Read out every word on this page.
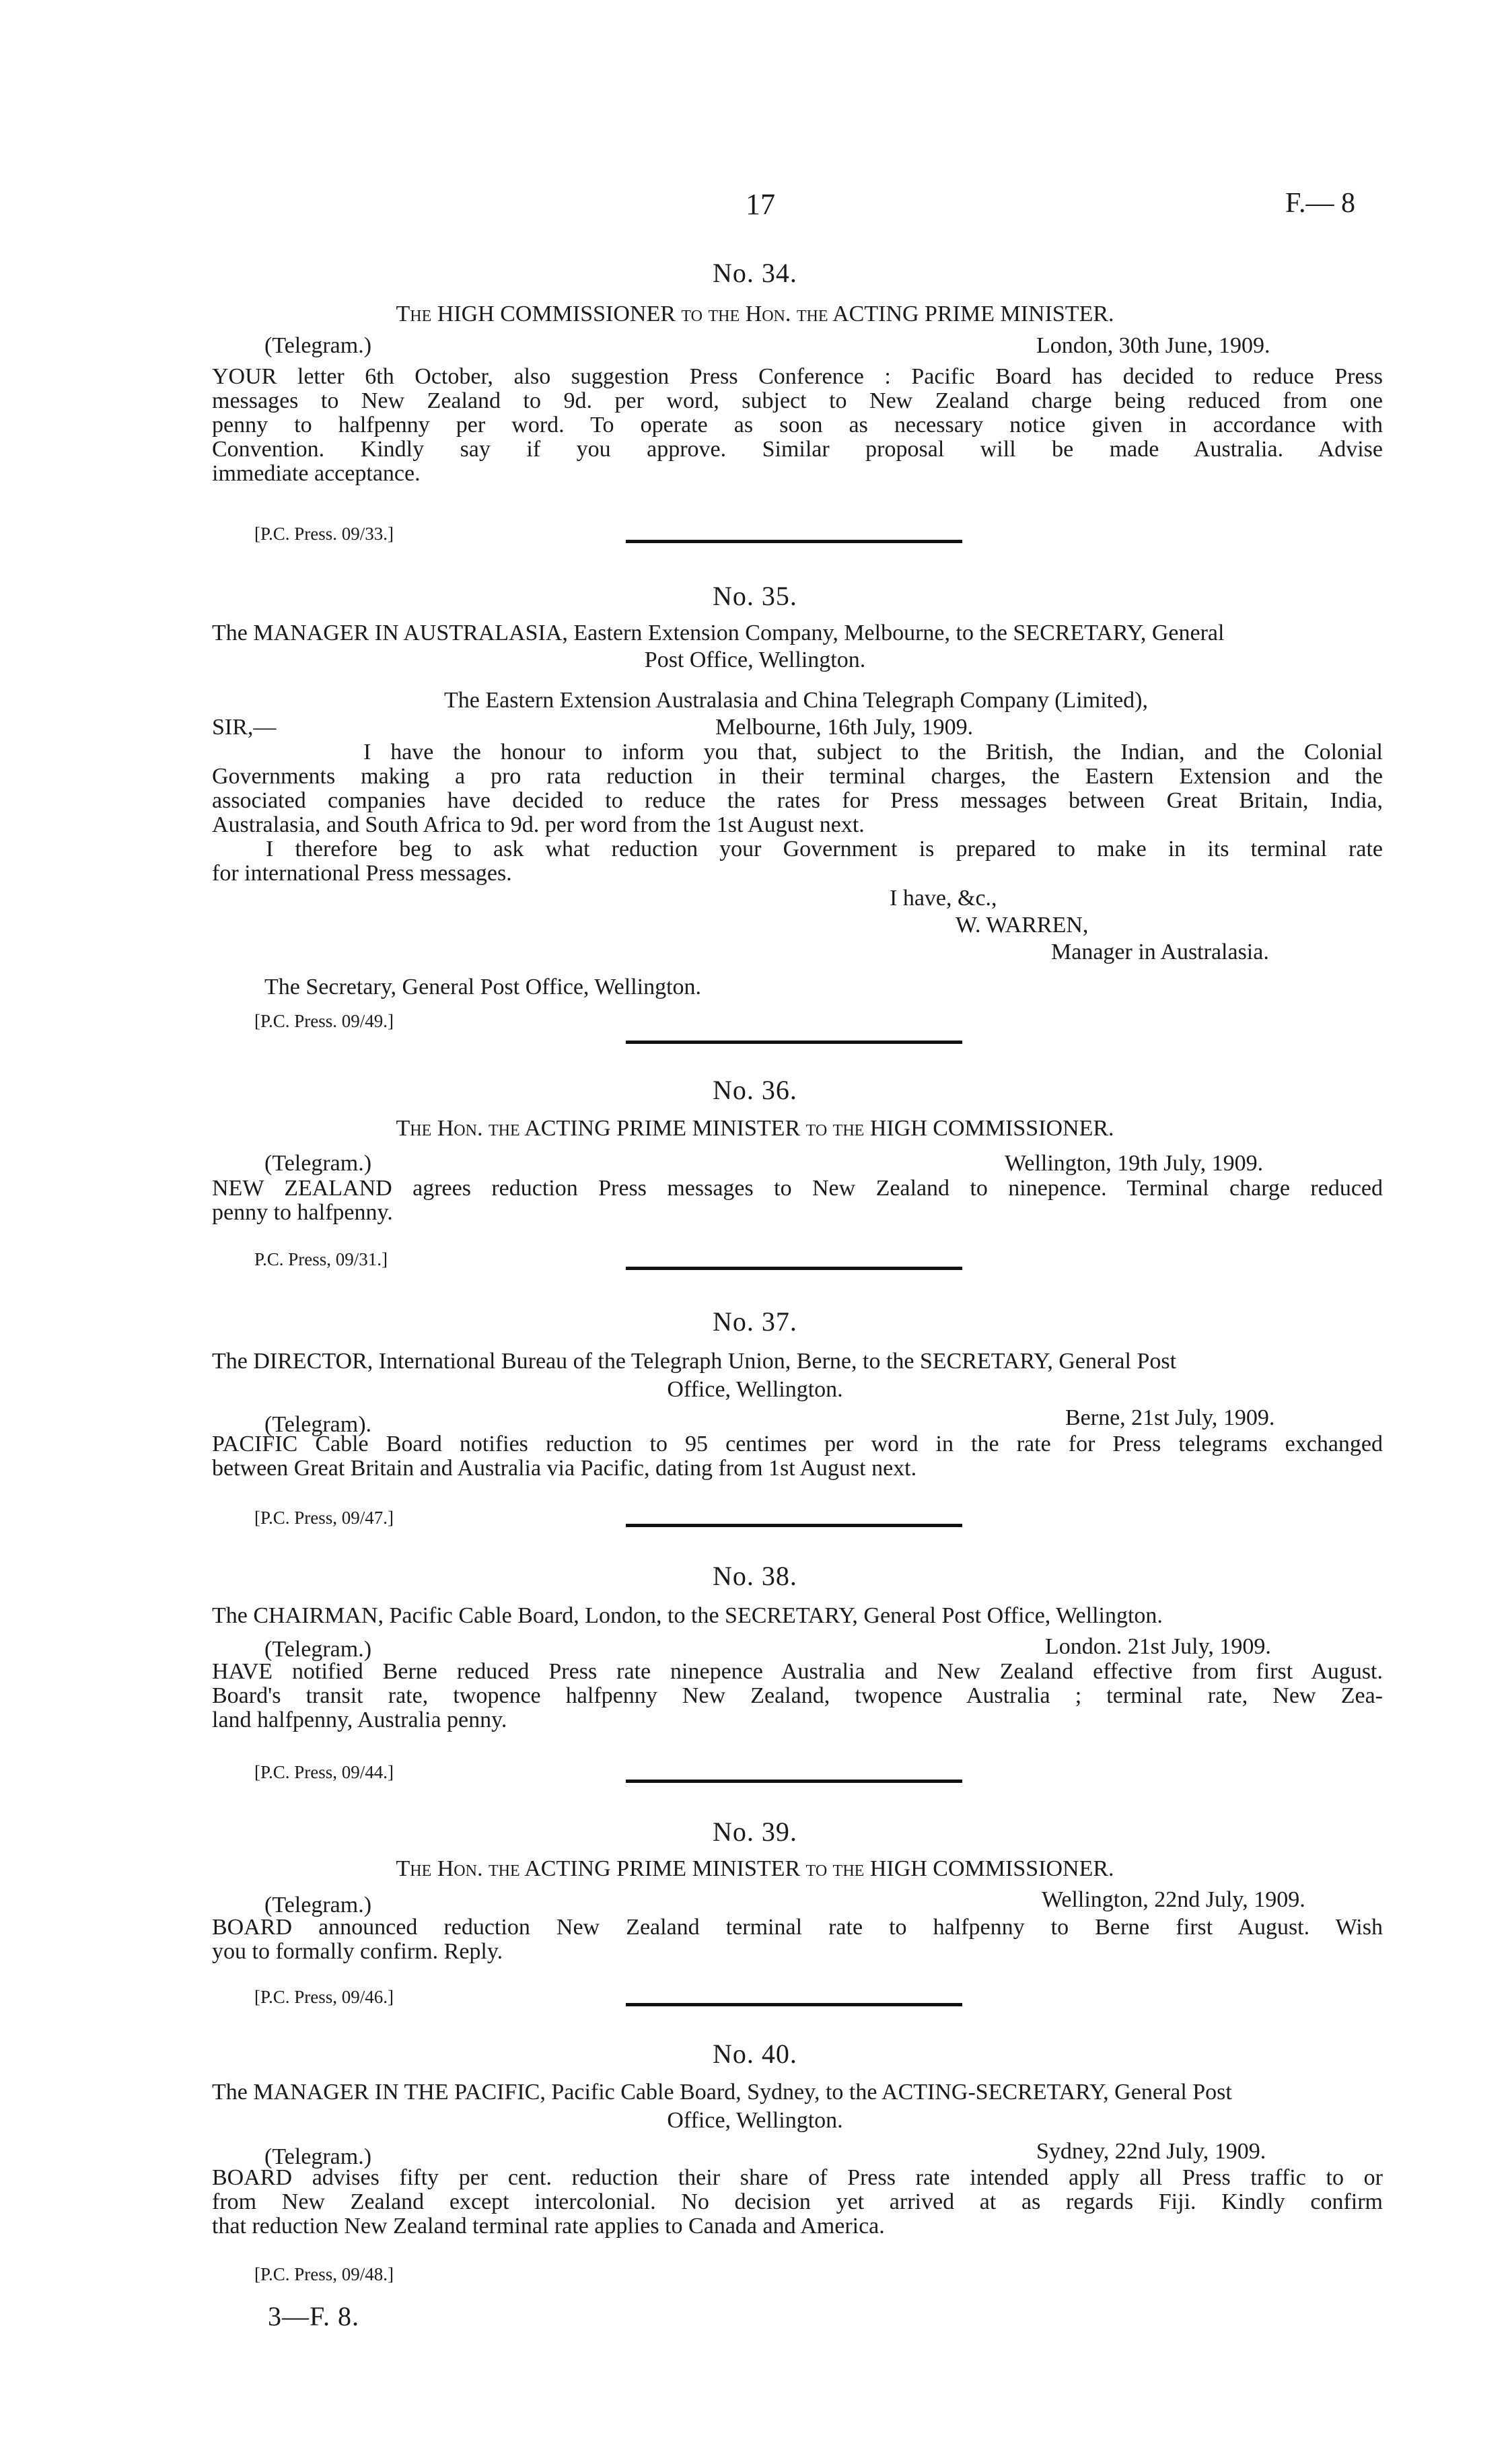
17	F.— 8
No. 34.
The HIGH COMMISSIONER to the Hon. the ACTING PRIME MINISTER.
(Telegram.)	London, 30th June, 1909.
YOUR letter 6th October, also suggestion Press Conference : Pacific Board has decided to reduce Press
messages to New Zealand to 9d. per word, subject to New Zealand charge being reduced from one
penny to halfpenny per word. To operate as soon as necessary notice given in accordance with
Convention. Kindly say if you approve. Similar proposal will be made Australia. Advise
immediate acceptance.
[P.C. Press. 09/33.]
No. 35.
The MANAGER IN AUSTRALASIA, Eastern Extension Company, Melbourne, to the SECRETARY, General
Post Office, Wellington.
The Eastern Extension Australasia and China Telegraph Company (Limited),
SIR,—	Melbourne, 16th July, 1909.
I have the honour to inform you that, subject to the British, the Indian, and the Colonial
Governments making a pro rata reduction in their terminal charges, the Eastern Extension and the
associated companies have decided to reduce the rates for Press messages between Great Britain, India,
Australasia, and South Africa to 9d. per word from the 1st August next.
I therefore beg to ask what reduction your Government is prepared to make in its terminal rate
for international Press messages.
I have, &c.,
W. WARREN,
Manager in Australasia.
The Secretary, General Post Office, Wellington.
[P.C. Press. 09/49.]
No. 36.
The Hon. the ACTING PRIME MINISTER to the HIGH COMMISSIONER.
(Telegram.)	Wellington, 19th July, 1909.
NEW ZEALAND agrees reduction Press messages to New Zealand to ninepence. Terminal charge reduced
penny to halfpenny.
P.C. Press, 09/31.]
No. 37.
The DIRECTOR, International Bureau of the Telegraph Union, Berne, to the SECRETARY, General Post
Office, Wellington.
(Telegram).	Berne, 21st July, 1909.
PACIFIC Cable Board notifies reduction to 95 centimes per word in the rate for Press telegrams exchanged
between Great Britain and Australia via Pacific, dating from 1st August next.
[P.C. Press, 09/47.]
No. 38.
The CHAIRMAN, Pacific Cable Board, London, to the SECRETARY, General Post Office, Wellington.
(Telegram.)	London. 21st July, 1909.
HAVE notified Berne reduced Press rate ninepence Australia and New Zealand effective from first August.
Board's transit rate, twopence halfpenny New Zealand, twopence Australia ; terminal rate, New Zea-
land halfpenny, Australia penny.
[P.C. Press, 09/44.]
No. 39.
The Hon. the ACTING PRIME MINISTER to the HIGH COMMISSIONER.
(Telegram.)	Wellington, 22nd July, 1909.
BOARD announced reduction New Zealand terminal rate to halfpenny to Berne first August. Wish
you to formally confirm. Reply.
[P.C. Press, 09/46.]
No. 40.
The MANAGER IN THE PACIFIC, Pacific Cable Board, Sydney, to the ACTING-SECRETARY, General Post
Office, Wellington.
(Telegram.)	Sydney, 22nd July, 1909.
BOARD advises fifty per cent. reduction their share of Press rate intended apply all Press traffic to or
from New Zealand except intercolonial. No decision yet arrived at as regards Fiji. Kindly confirm
that reduction New Zealand terminal rate applies to Canada and America.
[P.C. Press, 09/48.]
3—F. 8.
